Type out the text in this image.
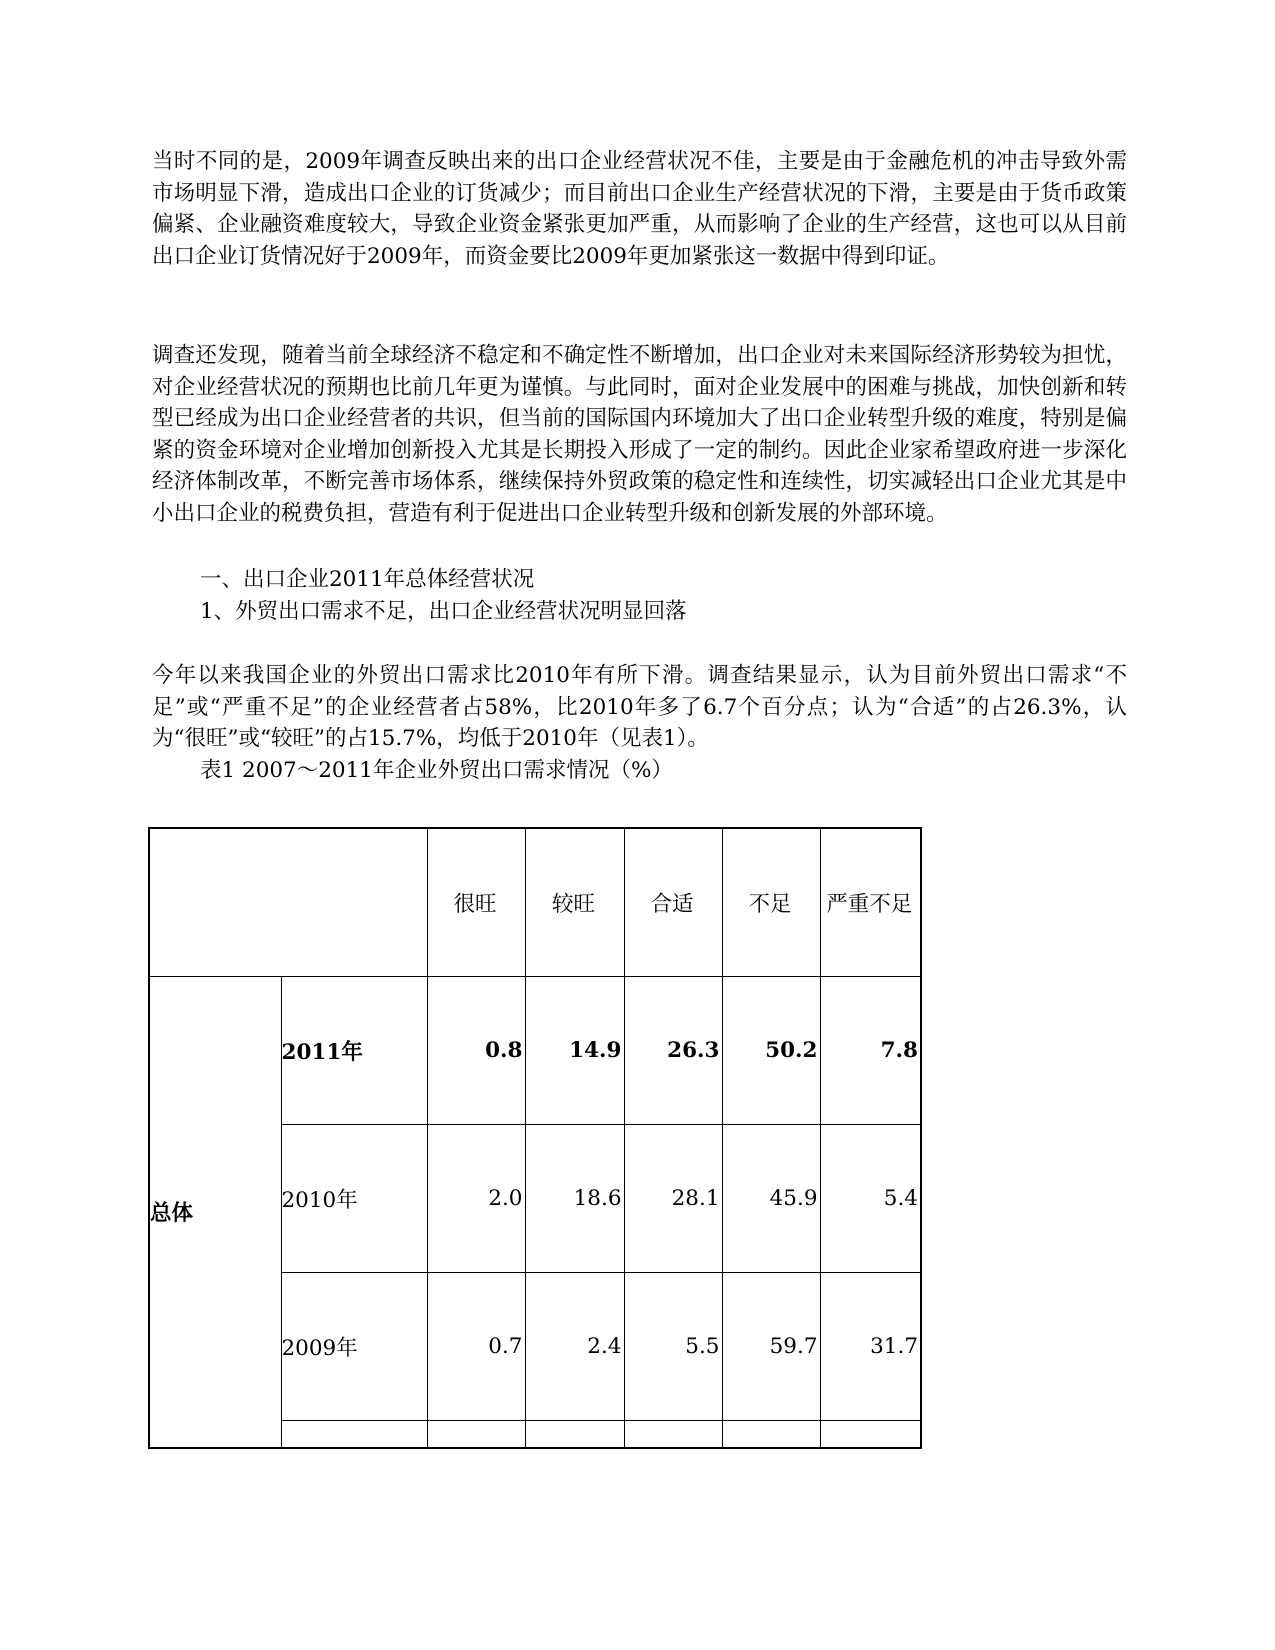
当时不同的是，2009年调查反映出来的出口企业经营状况不佳，主要是由于金融危机的冲击导致外需市场明显下滑，造成出口企业的订货减少；而目前出口企业生产经营状况的下滑，主要是由于货币政策偏紧、企业融资难度较大，导致企业资金紧张更加严重，从而影响了企业的生产经营，这也可以从目前出口企业订货情况好于2009年，而资金要比2009年更加紧张这一数据中得到印证。

调查还发现，随着当前全球经济不稳定和不确定性不断增加，出口企业对未来国际经济形势较为担忧，对企业经营状况的预期也比前几年更为谨慎。与此同时，面对企业发展中的困难与挑战，加快创新和转型已经成为出口企业经营者的共识，但当前的国际国内环境加大了出口企业转型升级的难度，特别是偏紧的资金环境对企业增加创新投入尤其是长期投入形成了一定的制约。因此企业家希望政府进一步深化经济体制改革，不断完善市场体系，继续保持外贸政策的稳定性和连续性，切实减轻出口企业尤其是中小出口企业的税费负担，营造有利于促进出口企业转型升级和创新发展的外部环境。

一、出口企业2011年总体经营状况
1、外贸出口需求不足，出口企业经营状况明显回落

今年以来我国企业的外贸出口需求比2010年有所下滑。调查结果显示，认为目前外贸出口需求“不足”或“严重不足”的企业经营者占58%，比2010年多了6.7个百分点；认为“合适”的占26.3%，认为“很旺”或“较旺”的占15.7%，均低于2010年（见表1）。

表1 2007～2011年企业外贸出口需求情况（%）
		很旺	较旺	合适	不足	严重不足
总体	2011年	0.8	14.9	26.3	50.2	7.8
	2010年	2.0	18.6	28.1	45.9	5.4
	2009年	0.7	2.4	5.5	59.7	31.7
